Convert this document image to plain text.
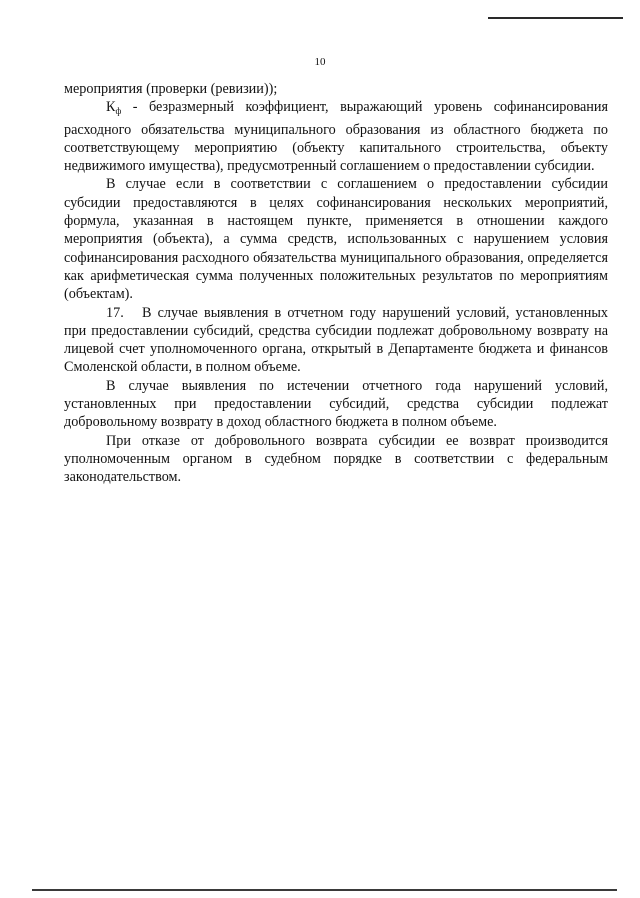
10

мероприятия (проверки (ревизии));

$К_ф$ - безразмерный коэффициент, выражающий уровень софинансирования расходного обязательства муниципального образования из областного бюджета по соответствующему мероприятию (объекту капитального строительства, объекту недвижимого имущества), предусмотренный соглашением о предоставлении субсидии.

В случае если в соответствии с соглашением о предоставлении субсидии субсидии предоставляются в целях софинансирования нескольких мероприятий, формула, указанная в настоящем пункте, применяется в отношении каждого мероприятия (объекта), а сумма средств, использованных с нарушением условия софинансирования расходного обязательства муниципального образования, определяется как арифметическая сумма полученных положительных результатов по мероприятиям (объектам).

17. В случае выявления в отчетном году нарушений условий, установленных при предоставлении субсидий, средства субсидии подлежат добровольному возврату на лицевой счет уполномоченного органа, открытый в Департаменте бюджета и финансов Смоленской области, в полном объеме.

В случае выявления по истечении отчетного года нарушений условий, установленных при предоставлении субсидий, средства субсидии подлежат добровольному возврату в доход областного бюджета в полном объеме.

При отказе от добровольного возврата субсидии ее возврат производится уполномоченным органом в судебном порядке в соответствии с федеральным законодательством.
